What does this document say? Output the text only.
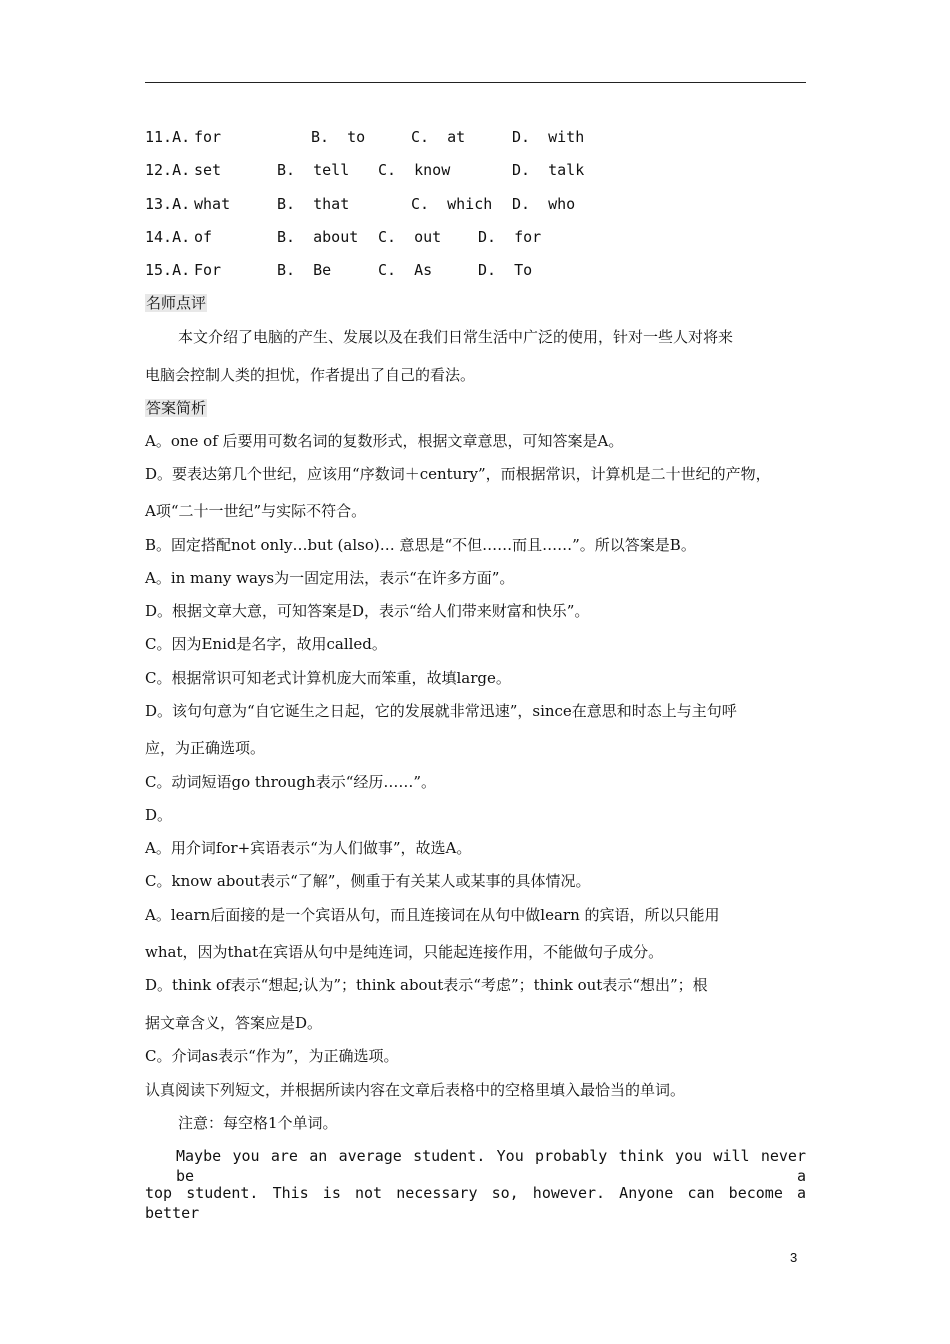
11.A. for	B.  to	C.  at	D.  with
12.A. set	B.  tell C.  know	D.  talk
13.A. what	B.  that	C.  which D.  who
14.A. of	B.  about C.  out D.  for
15.A. For	B.  Be	C.  As	D.  To
名师点评
本文介绍了电脑的产生、发展以及在我们日常生活中广泛的使用，针对一些人对将来
电脑会控制人类的担忧，作者提出了自己的看法。
答案简析
A。one of 后要用可数名词的复数形式，根据文章意思，可知答案是A。
D。要表达第几个世纪，应该用“序数词＋century”，而根据常识，计算机是二十世纪的产物，
A项“二十一世纪”与实际不符合。
B。固定搭配not only…but (also)… 意思是“不但……而且……”。所以答案是B。
A。in many ways为一固定用法，表示“在许多方面”。
D。根据文章大意，可知答案是D，表示“给人们带来财富和快乐”。
C。因为Enid是名字，故用called。
C。根据常识可知老式计算机庞大而笨重，故填large。
D。该句句意为“自它诞生之日起，它的发展就非常迅速”，since在意思和时态上与主句呼
应，为正确选项。
C。动词短语go through表示“经历……”。
D。
A。用介词for+宾语表示“为人们做事”，故选A。
C。know about表示“了解”，侧重于有关某人或某事的具体情况。
A。learn后面接的是一个宾语从句，而且连接词在从句中做learn 的宾语，所以只能用
what，因为that在宾语从句中是纯连词，只能起连接作用，不能做句子成分。
D。think of表示“想起;认为”；think about表示“考虑”；think out表示“想出”；根
据文章含义，答案应是D。
C。介词as表示“作为”，为正确选项。
认真阅读下列短文，并根据所读内容在文章后表格中的空格里填入最恰当的单词。
注意：每空格1个单词。
Maybe you are an average student. You probably think you will never be a
top student. This is not necessary so, however. Anyone can become a better
3
